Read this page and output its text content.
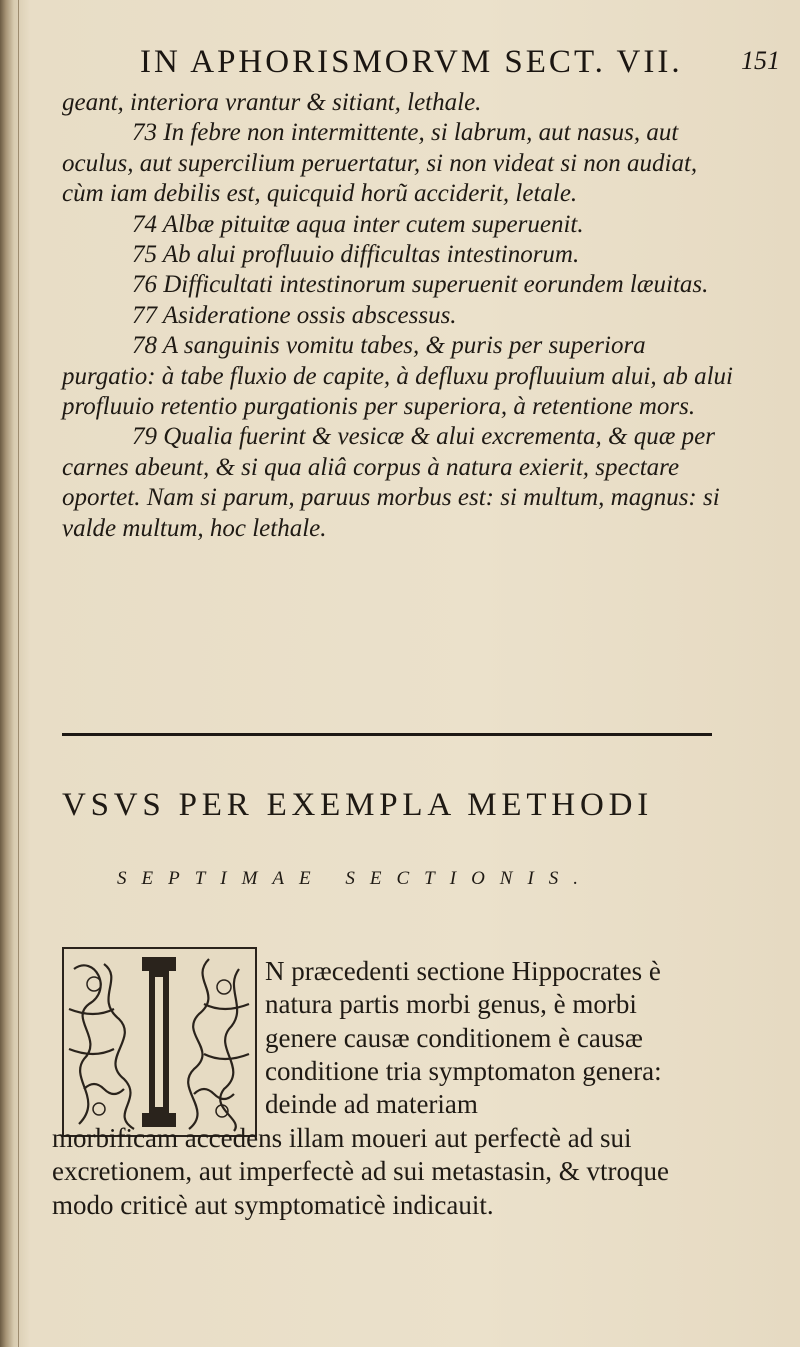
IN APHORISMORVM SECT. VII. 151

geant, interiora vrantur & sitiant, lethale.

73 In febre non intermittente, si labrum, aut nasus, aut oculus, aut supercilium peruertatur, si non videat si non audiat, cùm iam debilis est, quicquid horũ acciderit, letale.

74 Albæ pituitæ aqua inter cutem superuenit.

75 Ab alui profluuio difficultas intestinorum.

76 Difficultati intestinorum superuenit eorundem læuitas.

77 Asideratione ossis abscessus.

78 A sanguinis vomitu tabes, & puris per superiora purgatio: à tabe fluxio de capite, à defluxu profluuium alui, ab alui profluuio retentio purgationis per superiora, à retentione mors.

79 Qualia fuerint & vesicæ & alui excrementa, & quæ per carnes abeunt, & si qua aliâ corpus à natura exierit, spectare oportet. Nam si parum, paruus morbus est: si multum, magnus: si valde multum, hoc lethale.

VSVS PER EXEMPLA METHODI
SEPTIMAE SECTIONIS.

N præcedenti sectione Hippocrates è natura partis morbi genus, è morbi genere causæ conditionem è causæ conditione tria symptomaton genera: deinde ad materiam

morbificam accedens illam moueri aut perfectè ad sui excretionem, aut imperfectè ad sui metastasin, & vtroque modo criticè aut symptomaticè indicauit.
